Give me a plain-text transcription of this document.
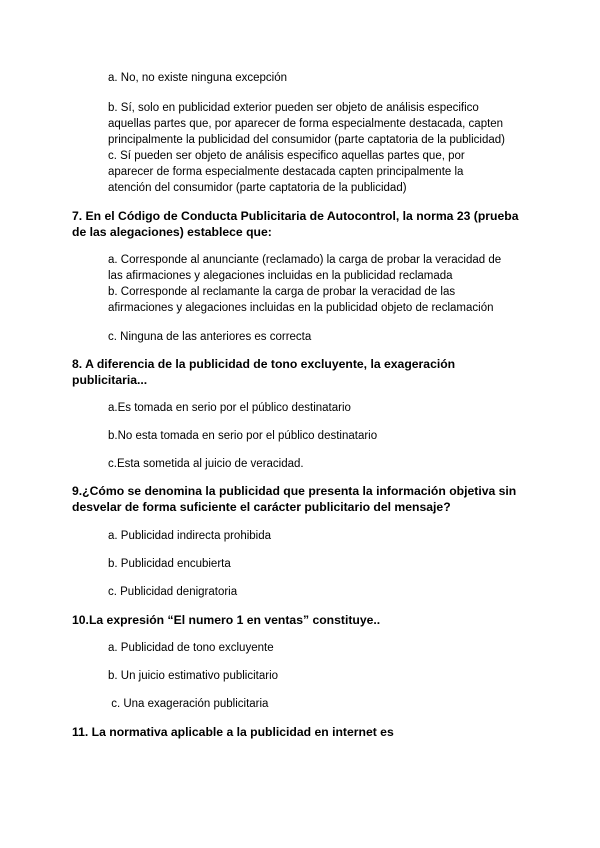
a. No, no existe ninguna excepción
b. Sí, solo en publicidad exterior pueden ser objeto de análisis especifico
aquellas partes que, por aparecer de forma especialmente destacada, capten
principalmente la publicidad del consumidor (parte captatoria de la publicidad)
c. Sí pueden ser objeto de análisis especifico aquellas partes que, por
aparecer de forma especialmente destacada capten principalmente la
atención del consumidor (parte captatoria de la publicidad)
7. En el Código de Conducta Publicitaria de Autocontrol, la norma 23 (prueba
de las alegaciones) establece que:
a. Corresponde al anunciante (reclamado) la carga de probar la veracidad de
las afirmaciones y alegaciones incluidas en la publicidad reclamada
b. Corresponde al reclamante la carga de probar la veracidad de las
afirmaciones y alegaciones incluidas en la publicidad objeto de reclamación
c. Ninguna de las anteriores es correcta
8. A diferencia de la publicidad de tono excluyente, la exageración
publicitaria...
a.Es tomada en serio por el público destinatario
b.No esta tomada en serio por el público destinatario
c.Esta sometida al juicio de veracidad.
9.¿Cómo se denomina la publicidad que presenta la información objetiva sin
desvelar de forma suficiente el carácter publicitario del mensaje?
a. Publicidad indirecta prohibida
b. Publicidad encubierta
c. Publicidad denigratoria
10.La expresión “El numero 1 en ventas” constituye..
a. Publicidad de tono excluyente
b. Un juicio estimativo publicitario
c. Una exageración publicitaria
11. La normativa aplicable a la publicidad en internet es
